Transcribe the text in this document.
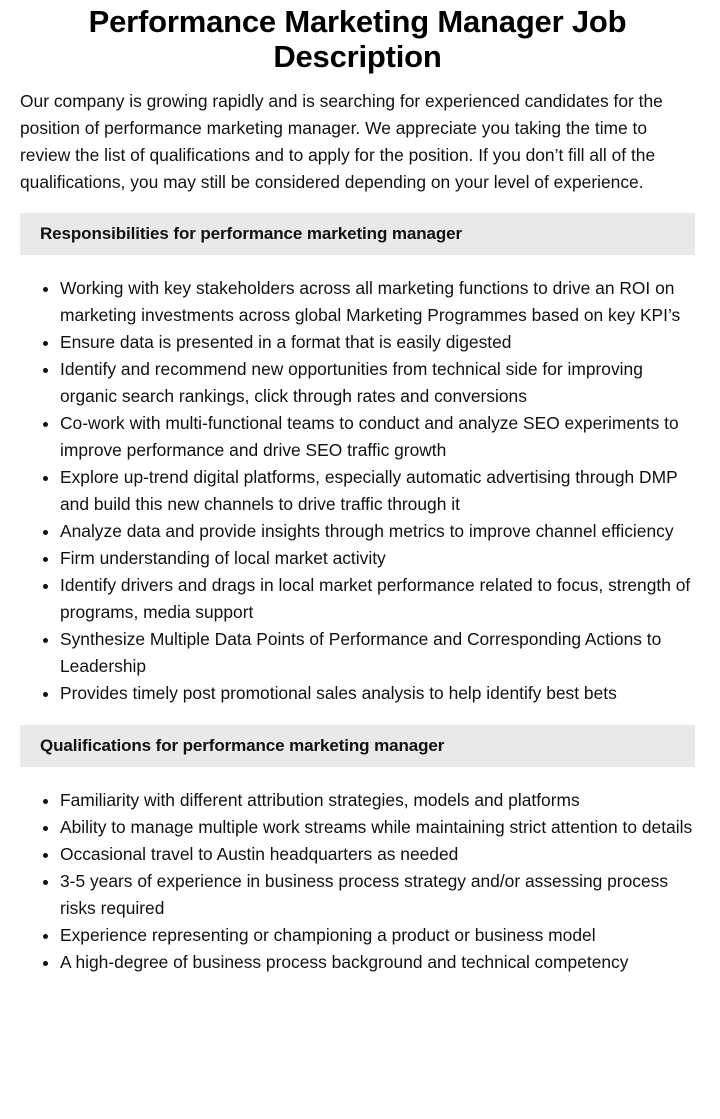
Performance Marketing Manager Job Description

Our company is growing rapidly and is searching for experienced candidates for the position of performance marketing manager. We appreciate you taking the time to review the list of qualifications and to apply for the position. If you don’t fill all of the qualifications, you may still be considered depending on your level of experience.

Responsibilities for performance marketing manager
• Working with key stakeholders across all marketing functions to drive an ROI on marketing investments across global Marketing Programmes based on key KPI’s
• Ensure data is presented in a format that is easily digested
• Identify and recommend new opportunities from technical side for improving organic search rankings, click through rates and conversions
• Co-work with multi-functional teams to conduct and analyze SEO experiments to improve performance and drive SEO traffic growth
• Explore up-trend digital platforms, especially automatic advertising through DMP and build this new channels to drive traffic through it
• Analyze data and provide insights through metrics to improve channel efficiency
• Firm understanding of local market activity
• Identify drivers and drags in local market performance related to focus, strength of programs, media support
• Synthesize Multiple Data Points of Performance and Corresponding Actions to Leadership
• Provides timely post promotional sales analysis to help identify best bets
Qualifications for performance marketing manager
• Familiarity with different attribution strategies, models and platforms
• Ability to manage multiple work streams while maintaining strict attention to details
• Occasional travel to Austin headquarters as needed
• 3-5 years of experience in business process strategy and/or assessing process risks required
• Experience representing or championing a product or business model
• A high-degree of business process background and technical competency
